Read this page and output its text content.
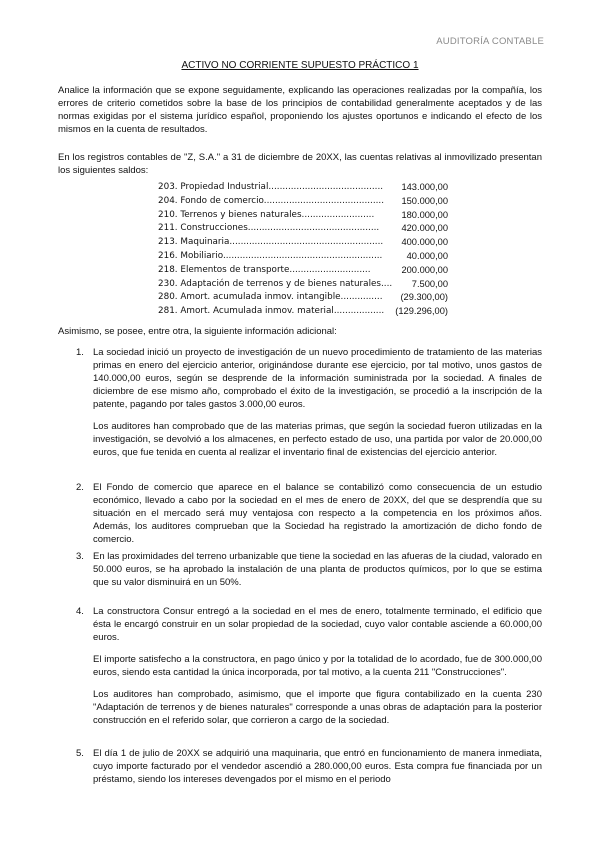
AUDITORÍA CONTABLE
ACTIVO NO CORRIENTE SUPUESTO PRÁCTICO 1

Analice la información que se expone seguidamente, explicando las operaciones realizadas por la compañía, los errores de criterio cometidos sobre la base de los principios de contabilidad generalmente aceptados y de las normas exigidas por el sistema jurídico español, proponiendo los ajustes oportunos e indicando el efecto de los mismos en la cuenta de resultados.

En los registros contables de "Z, S.A." a 31 de diciembre de 20XX, las cuentas relativas al inmovilizado presentan los siguientes saldos:

203. Propiedad Industrial.........................................	143.000,00
204. Fondo de comercio...........................................	150.000,00
210. Terrenos y bienes naturales..........................	180.000,00
211. Construcciones...............................................	420.000,00
213. Maquinaria.......................................................	400.000,00
216. Mobiliario.........................................................	40.000,00
218. Elementos de transporte.............................	200.000,00
230. Adaptación de terrenos y de bienes naturales....	7.500,00
280. Amort. acumulada inmov. intangible...............	(29.300,00)
281. Amort. Acumulada inmov. material..................	(129.296,00)

Asimismo, se posee, entre otra, la siguiente información adicional:

1. La sociedad inició un proyecto de investigación de un nuevo procedimiento de tratamiento de las materias primas en enero del ejercicio anterior, originándose durante ese ejercicio, por tal motivo, unos gastos de 140.000,00 euros, según se desprende de la información suministrada por la sociedad. A finales de diciembre de ese mismo año, comprobado el éxito de la investigación, se procedió a la inscripción de la patente, pagando por tales gastos 3.000,00 euros.

Los auditores han comprobado que de las materias primas, que según la sociedad fueron utilizadas en la investigación, se devolvió a los almacenes, en perfecto estado de uso, una partida por valor de 20.000,00 euros, que fue tenida en cuenta al realizar el inventario final de existencias del ejercicio anterior.

2. El Fondo de comercio que aparece en el balance se contabilizó como consecuencia de un estudio económico, llevado a cabo por la sociedad en el mes de enero de 20XX, del que se desprendía que su situación en el mercado será muy ventajosa con respecto a la competencia en los próximos años. Además, los auditores comprueban que la Sociedad ha registrado la amortización de dicho fondo de comercio.

3. En las proximidades del terreno urbanizable que tiene la sociedad en las afueras de la ciudad, valorado en 50.000 euros, se ha aprobado la instalación de una planta de productos químicos, por lo que se estima que su valor disminuirá en un 50%.

4. La constructora Consur entregó a la sociedad en el mes de enero, totalmente terminado, el edificio que ésta le encargó construir en un solar propiedad de la sociedad, cuyo valor contable asciende a 60.000,00 euros.

El importe satisfecho a la constructora, en pago único y por la totalidad de lo acordado, fue de 300.000,00 euros, siendo esta cantidad la única incorporada, por tal motivo, a la cuenta 211 "Construcciones".

Los auditores han comprobado, asimismo, que el importe que figura contabilizado en la cuenta 230 "Adaptación de terrenos y de bienes naturales" corresponde a unas obras de adaptación para la posterior construcción en el referido solar, que corrieron a cargo de la sociedad.

5. El día 1 de julio de 20XX se adquirió una maquinaria, que entró en funcionamiento de manera inmediata, cuyo importe facturado por el vendedor ascendió a 280.000,00 euros. Esta compra fue financiada por un préstamo, siendo los intereses devengados por el mismo en el periodo
